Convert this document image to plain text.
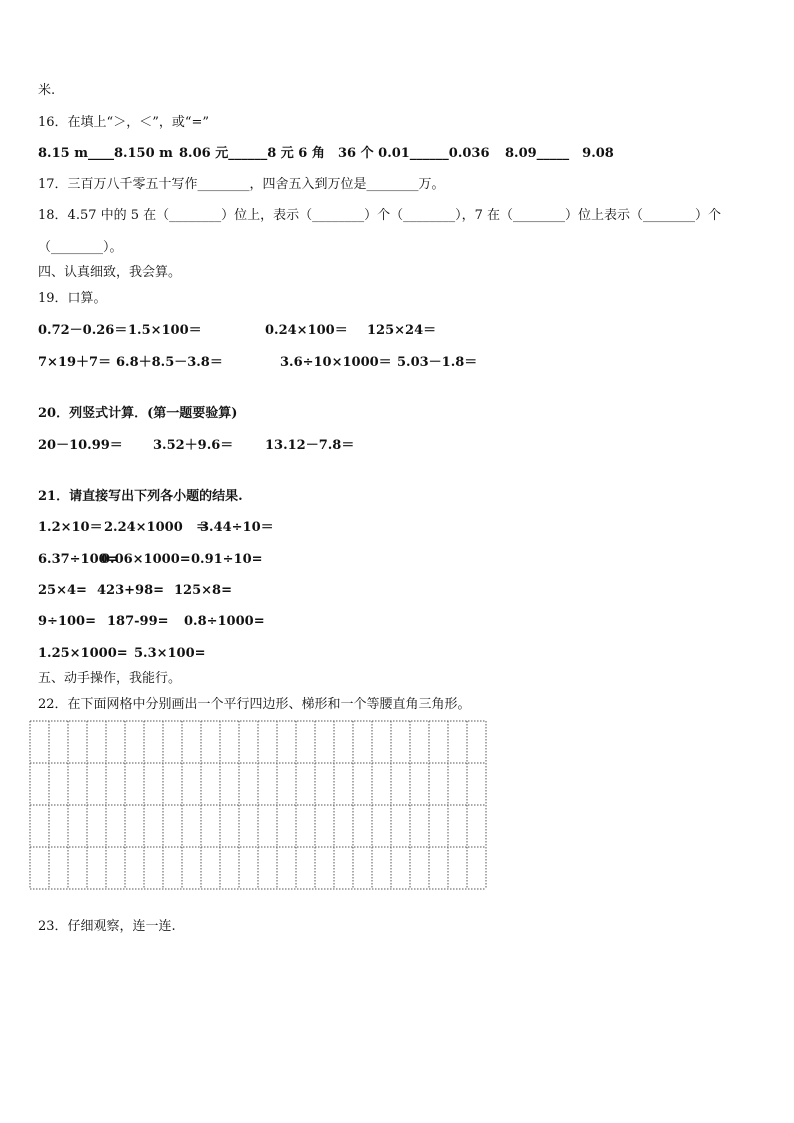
米.
16．在填上“＞，＜”，或“=”
8.15 m____8.150 m 8.06 元______8 元 6 角 36 个 0.01______0.036 8.09_____　9.08
17．三百万八千零五十写作________，四舍五入到万位是________万。
18．4.57 中的 5 在（________）位上，表示（________）个（________），7 在（________）位上表示（________）个
（________）。
四、认真细致，我会算。
19．口算。
0.72－0.26＝ 1.5×100＝	0.24×100＝ 125×24＝
7×19＋7＝ 6.8＋8.5－3.8＝	3.6÷10×1000＝ 5.03－1.8＝
20．列竖式计算．(第一题要验算)
20－10.99＝ 3.52＋9.6＝ 13.12－7.8＝
21．请直接写出下列各小题的结果.
1.2×10＝ 2.24×1000　＝
3.44÷10＝
6.37÷100=
0.06×1000= 0.91÷10=
25×4= 423+98= 125×8=
9÷100= 187-99= 0.8÷1000=
1.25×1000= 5.3×100=
五、动手操作，我能行。
22．在下面网格中分别画出一个平行四边形、梯形和一个等腰直角三角形。
23．仔细观察，连一连.
